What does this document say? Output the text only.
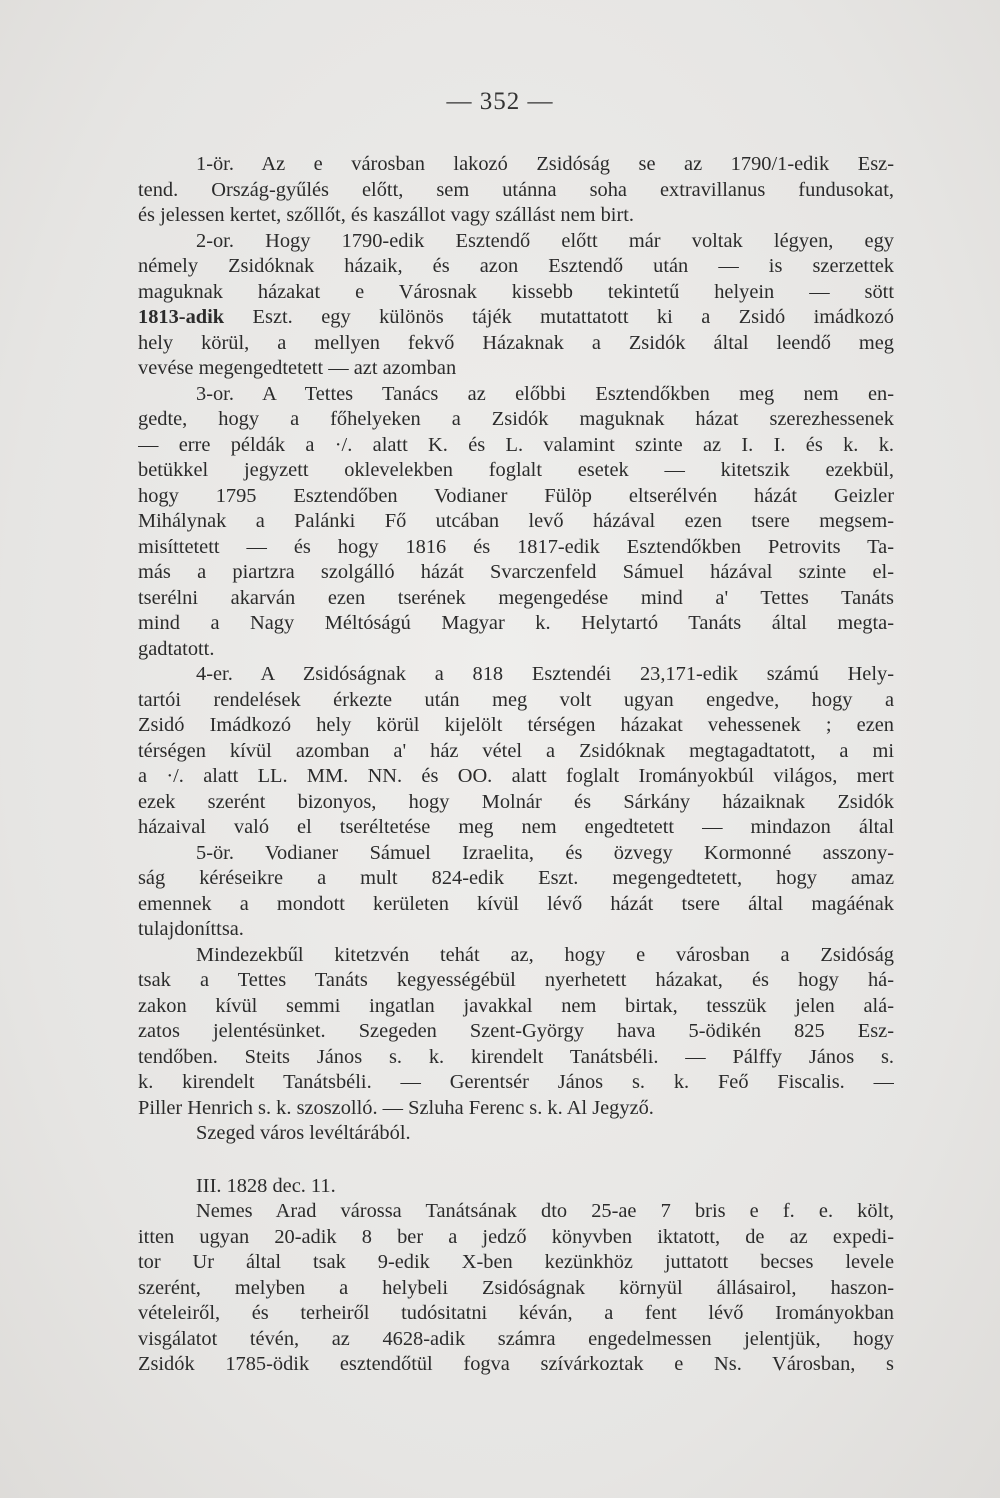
— 352 —
1-ör. Az e városban lakozó Zsidóság se az 1790/1-edik Esz-
tend. Ország-gyűlés előtt, sem utánna soha extravillanus fundusokat,
és jelessen kertet, szőllőt, és kaszállot vagy szállást nem birt.
2-or. Hogy 1790-edik Esztendő előtt már voltak légyen, egy
némely Zsidóknak házaik, és azon Esztendő után — is szerzettek
maguknak házakat e Városnak kissebb tekintetű helyein — sött
1813-adik Eszt. egy különös tájék mutattatott ki a Zsidó imádkozó
hely körül, a mellyen fekvő Házaknak a Zsidók által leendő meg
vevése megengedtetett — azt azomban
3-or. A Tettes Tanács az előbbi Esztendőkben meg nem en-
gedte, hogy a főhelyeken a Zsidók maguknak házat szerezhessenek
— erre példák a ·/. alatt K. és L. valamint szinte az I. I. és k. k.
betükkel jegyzett oklevelekben foglalt esetek — kitetszik ezekbül,
hogy 1795 Esztendőben Vodianer Fülöp eltserélvén házát Geizler
Mihálynak a Palánki Fő utcában levő házával ezen tsere megsem-
misíttetett — és hogy 1816 és 1817-edik Esztendőkben Petrovits Ta-
más a piartzra szolgálló házát Svarczenfeld Sámuel házával szinte el-
tserélni akarván ezen tserének megengedése mind a' Tettes Tanáts
mind a Nagy Méltóságú Magyar k. Helytartó Tanáts által megta-
gadtatott.
4-er. A Zsidóságnak a 818 Esztendéi 23,171-edik számú Hely-
tartói rendelések érkezte után meg volt ugyan engedve, hogy a
Zsidó Imádkozó hely körül kijelölt térségen házakat vehessenek ; ezen
térségen kívül azomban a' ház vétel a Zsidóknak megtagadtatott, a mi
a ·/. alatt LL. MM. NN. és OO. alatt foglalt Irományokbúl világos, mert
ezek szerént bizonyos, hogy Molnár és Sárkány házaiknak Zsidók
házaival való el tseréltetése meg nem engedtetett — mindazon által
5-ör. Vodianer Sámuel Izraelita, és özvegy Kormonné asszony-
ság kéréseikre a mult 824-edik Eszt. megengedtetett, hogy amaz
emennek a mondott kerületen kívül lévő házát tsere által magáénak
tulajdoníttsa.
Mindezekbűl kitetzvén tehát az, hogy e városban a Zsidóság
tsak a Tettes Tanáts kegyességébül nyerhetett házakat, és hogy há-
zakon kívül semmi ingatlan javakkal nem birtak, tesszük jelen alá-
zatos jelentésünket. Szegeden Szent-György hava 5-ödikén 825 Esz-
tendőben. Steits János s. k. kirendelt Tanátsbéli. — Pálffy János s.
k. kirendelt Tanátsbéli. — Gerentsér János s. k. Feő Fiscalis. —
Piller Henrich s. k. szoszolló. — Szluha Ferenc s. k. Al Jegyző.
Szeged város levéltárából.
III. 1828 dec. 11.
Nemes Arad várossa Tanátsának dto 25-ae 7 bris e f. e. költ,
itten ugyan 20-adik 8 ber a jedző könyvben iktatott, de az expedi-
tor Ur által tsak 9-edik X-ben kezünkhöz juttatott becses levele
szerént, melyben a helybeli Zsidóságnak környül állásairol, haszon-
vételeiről, és terheiről tudósitatni kéván, a fent lévő Irományokban
visgálatot tévén, az 4628-adik számra engedelmessen jelentjük, hogy
Zsidók 1785-ödik esztendőtül fogva szívárkoztak e Ns. Városban, s
